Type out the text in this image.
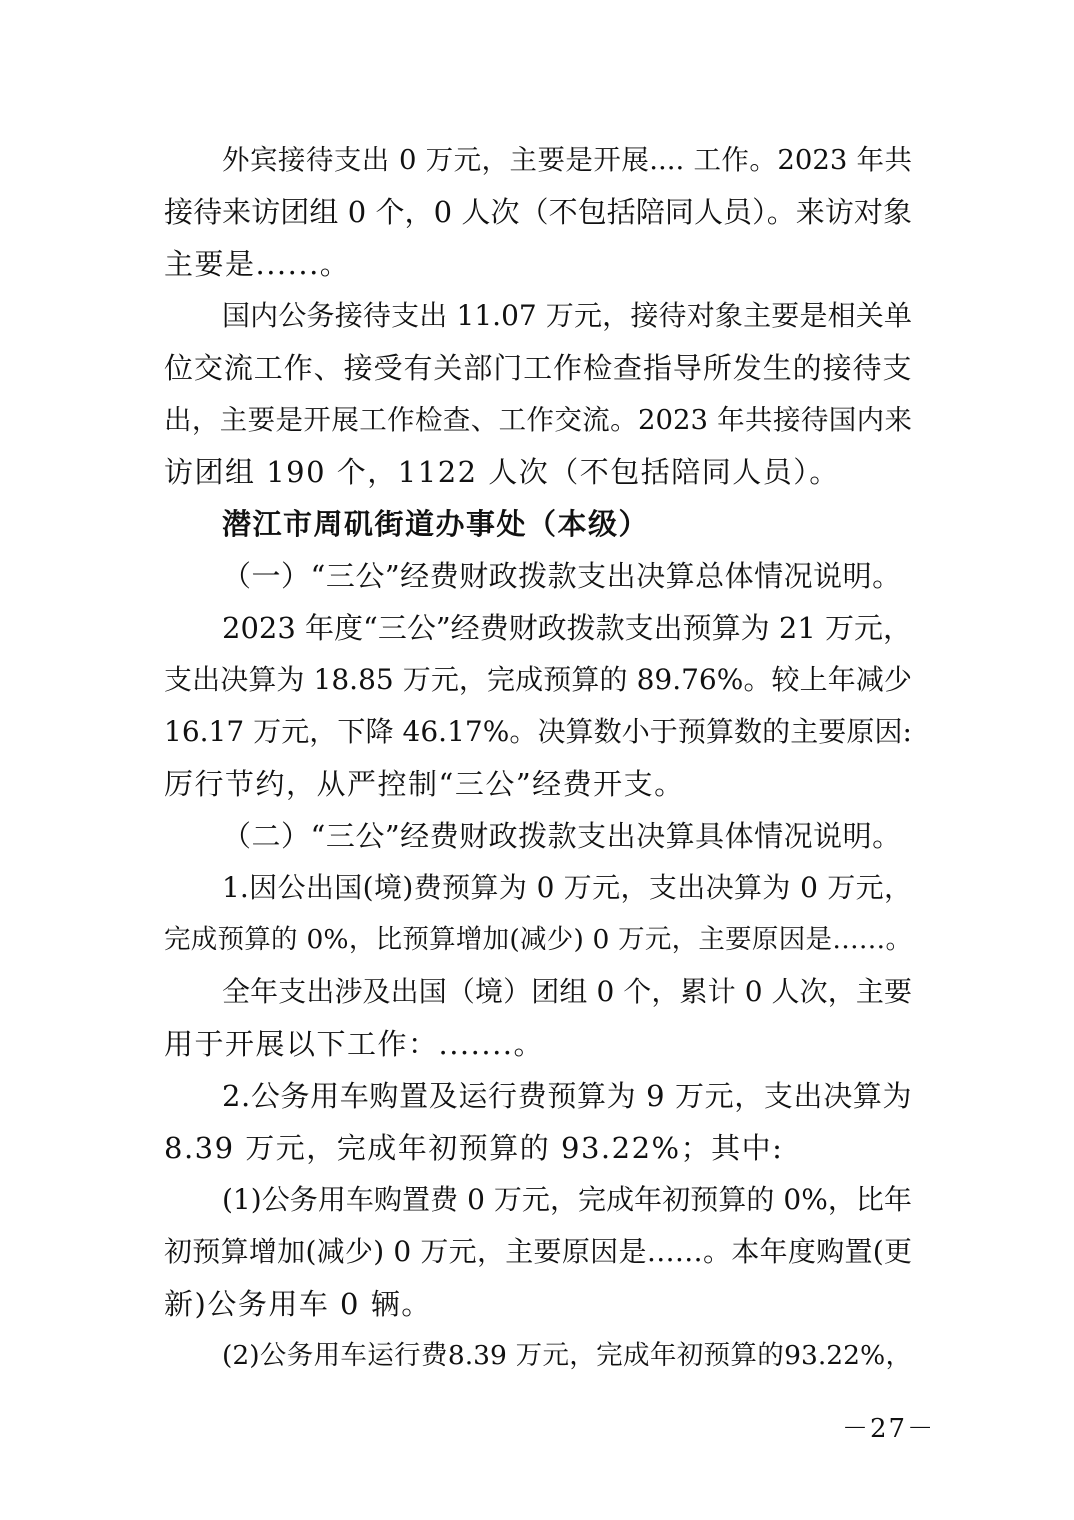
外宾接待支出 0 万元，主要是开展.... 工作。2023 年共
接待来访团组 0 个，0 人次（不包括陪同人员）。来访对象
主要是......。
国内公务接待支出 11.07 万元，接待对象主要是相关单
位交流工作、接受有关部门工作检查指导所发生的接待支
出，主要是开展工作检查、工作交流。2023 年共接待国内来
访团组 190 个，1122 人次（不包括陪同人员）。
潜江市周矶街道办事处（本级）
（一）“三公”经费财政拨款支出决算总体情况说明。
2023 年度“三公”经费财政拨款支出预算为 21 万元，
支出决算为 18.85 万元，完成预算的 89.76%。较上年减少
16.17 万元，下降 46.17%。决算数小于预算数的主要原因:
厉行节约，从严控制“三公”经费开支。
（二）“三公”经费财政拨款支出决算具体情况说明。
1.因公出国(境)费预算为 0 万元，支出决算为 0 万元，
完成预算的 0%，比预算增加(减少) 0 万元，主要原因是……。
全年支出涉及出国（境）团组 0 个，累计 0 人次，主要
用于开展以下工作：.......。
2.公务用车购置及运行费预算为 9 万元，支出决算为
8.39 万元，完成年初预算的 93.22%；其中:
(1)公务用车购置费 0 万元，完成年初预算的 0%，比年
初预算增加(减少) 0 万元，主要原因是……。本年度购置(更
新)公务用车 0 辆。
(2)公务用车运行费8.39 万元，完成年初预算的93.22%，
－27－
